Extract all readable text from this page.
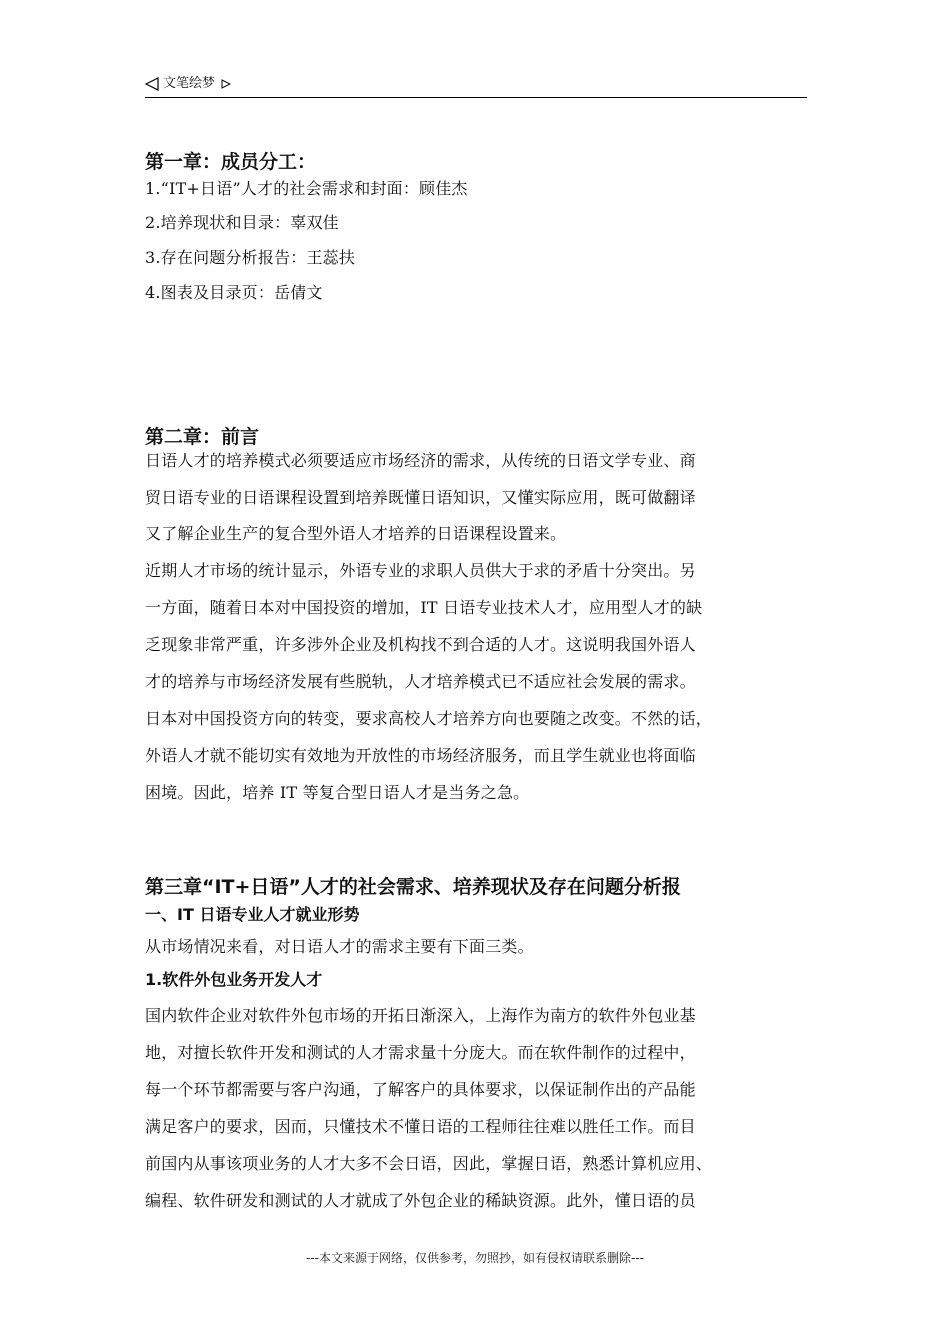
文笔绘梦
第一章：成员分工：
1.“IT+日语”人才的社会需求和封面：顾佳杰
2.培养现状和目录：辜双佳
3.存在问题分析报告：王蕊扶
4.图表及目录页：岳倩文
第二章：前言
日语人才的培养模式必须要适应市场经济的需求，从传统的日语文学专业、商
贸日语专业的日语课程设置到培养既懂日语知识，又懂实际应用，既可做翻译
又了解企业生产的复合型外语人才培养的日语课程设置来。
近期人才市场的统计显示，外语专业的求职人员供大于求的矛盾十分突出。另
一方面，随着日本对中国投资的增加，IT 日语专业技术人才，应用型人才的缺
乏现象非常严重，许多涉外企业及机构找不到合适的人才。这说明我国外语人
才的培养与市场经济发展有些脱轨，人才培养模式已不适应社会发展的需求。
日本对中国投资方向的转变，要求高校人才培养方向也要随之改变。不然的话，
外语人才就不能切实有效地为开放性的市场经济服务，而且学生就业也将面临
困境。因此，培养 IT 等复合型日语人才是当务之急。
第三章“IT+日语”人才的社会需求、培养现状及存在问题分析报
一、IT 日语专业人才就业形势
从市场情况来看，对日语人才的需求主要有下面三类。
1.软件外包业务开发人才
国内软件企业对软件外包市场的开拓日渐深入，上海作为南方的软件外包业基
地，对擅长软件开发和测试的人才需求量十分庞大。而在软件制作的过程中，
每一个环节都需要与客户沟通，了解客户的具体要求，以保证制作出的产品能
满足客户的要求，因而，只懂技术不懂日语的工程师往往难以胜任工作。而目
前国内从事该项业务的人才大多不会日语，因此，掌握日语，熟悉计算机应用、
编程、软件研发和测试的人才就成了外包企业的稀缺资源。此外，懂日语的员
---本文来源于网络，仅供参考，勿照抄，如有侵权请联系删除---
